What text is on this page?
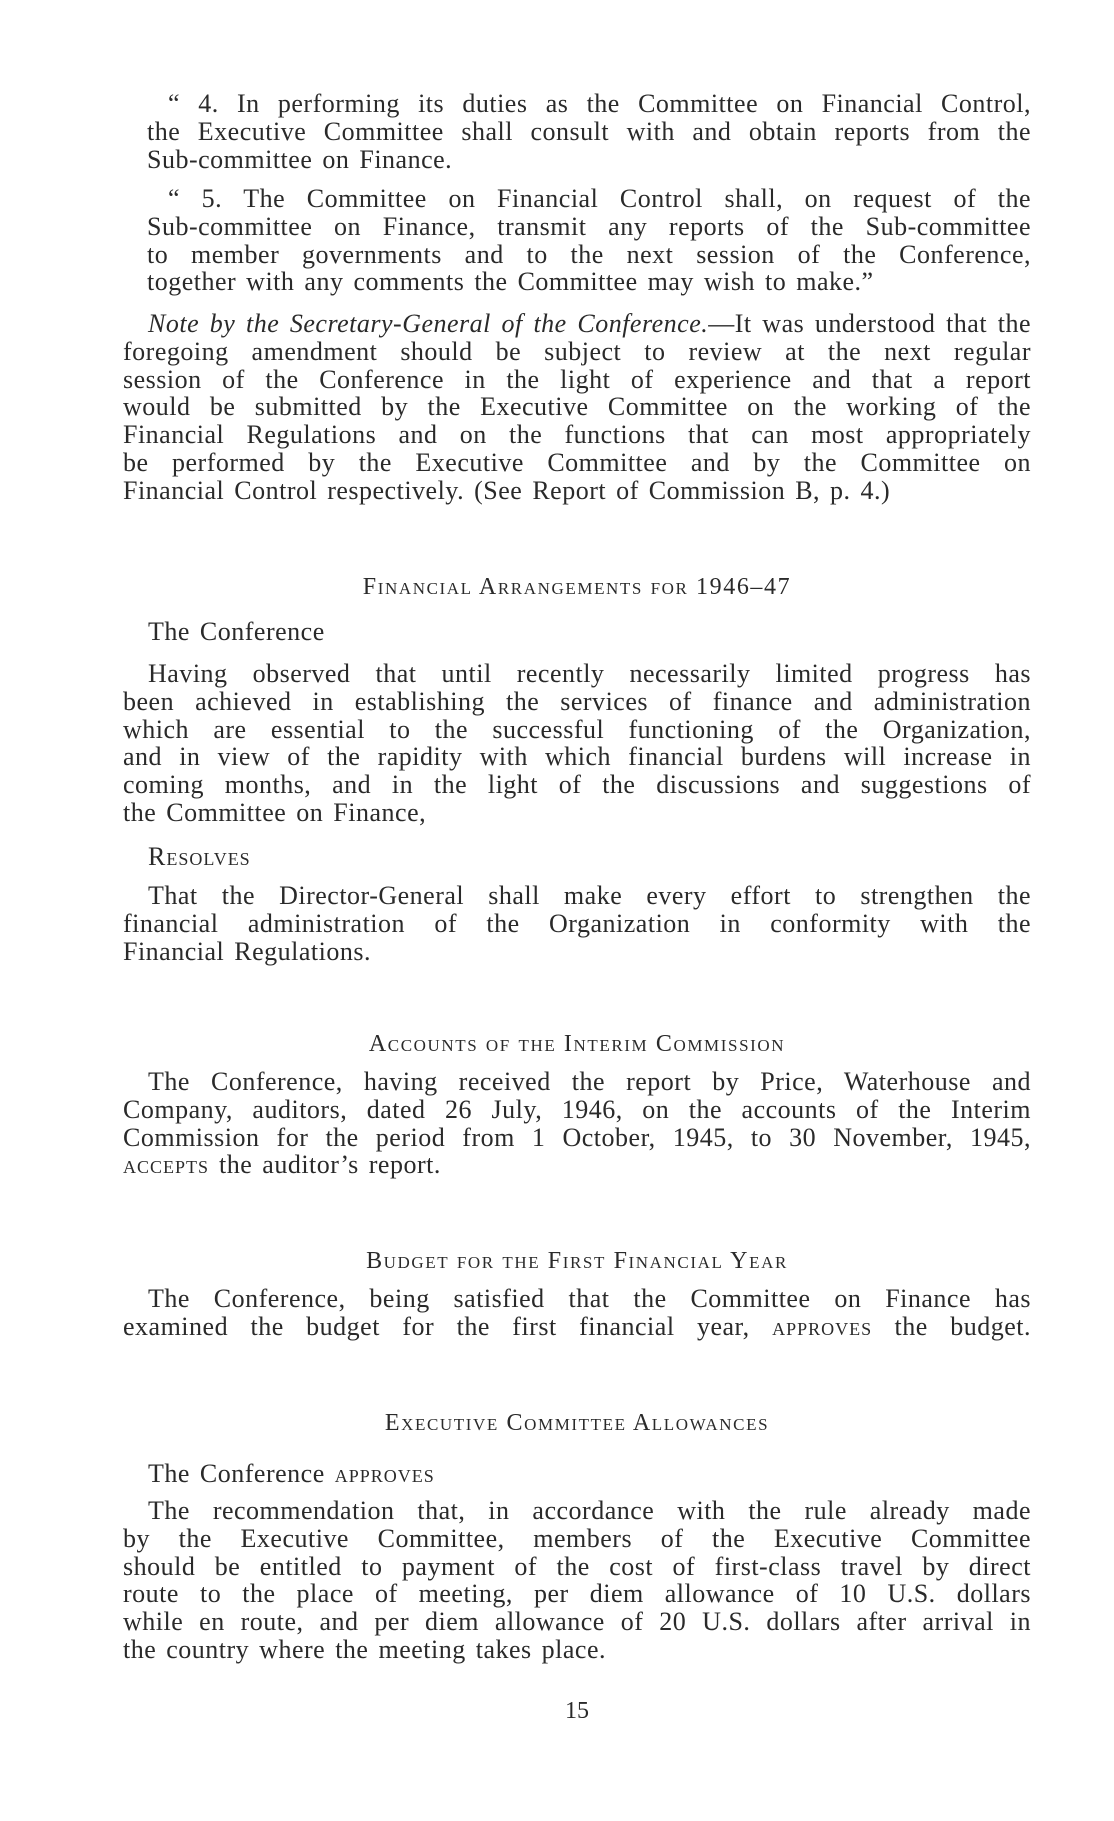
“ 4. In performing its duties as the Committee on Financial Control,
the Executive Committee shall consult with and obtain reports from the
Sub-committee on Finance.
“ 5. The Committee on Financial Control shall, on request of the
Sub-committee on Finance, transmit any reports of the Sub-committee
to member governments and to the next session of the Conference,
together with any comments the Committee may wish to make.”
Note by the Secretary-General of the Conference.—It was understood that the
foregoing amendment should be subject to review at the next regular
session of the Conference in the light of experience and that a report
would be submitted by the Executive Committee on the working of the
Financial Regulations and on the functions that can most appropriately
be performed by the Executive Committee and by the Committee on
Financial Control respectively. (See Report of Commission B, p. 4.)
Financial Arrangements for 1946–47
The Conference
Having observed that until recently necessarily limited progress has
been achieved in establishing the services of finance and administration
which are essential to the successful functioning of the Organization,
and in view of the rapidity with which financial burdens will increase in
coming months, and in the light of the discussions and suggestions of
the Committee on Finance,
Resolves
That the Director-General shall make every effort to strengthen the
financial administration of the Organization in conformity with the
Financial Regulations.
Accounts of the Interim Commission
The Conference, having received the report by Price, Waterhouse and
Company, auditors, dated 26 July, 1946, on the accounts of the Interim
Commission for the period from 1 October, 1945, to 30 November, 1945,
ACCEPTS the auditor’s report.
Budget for the First Financial Year
The Conference, being satisfied that the Committee on Finance has
examined the budget for the first financial year, APPROVES the budget.
Executive Committee Allowances
The Conference APPROVES
The recommendation that, in accordance with the rule already made
by the Executive Committee, members of the Executive Committee
should be entitled to payment of the cost of first-class travel by direct
route to the place of meeting, per diem allowance of 10 U.S. dollars
while en route, and per diem allowance of 20 U.S. dollars after arrival in
the country where the meeting takes place.
15
